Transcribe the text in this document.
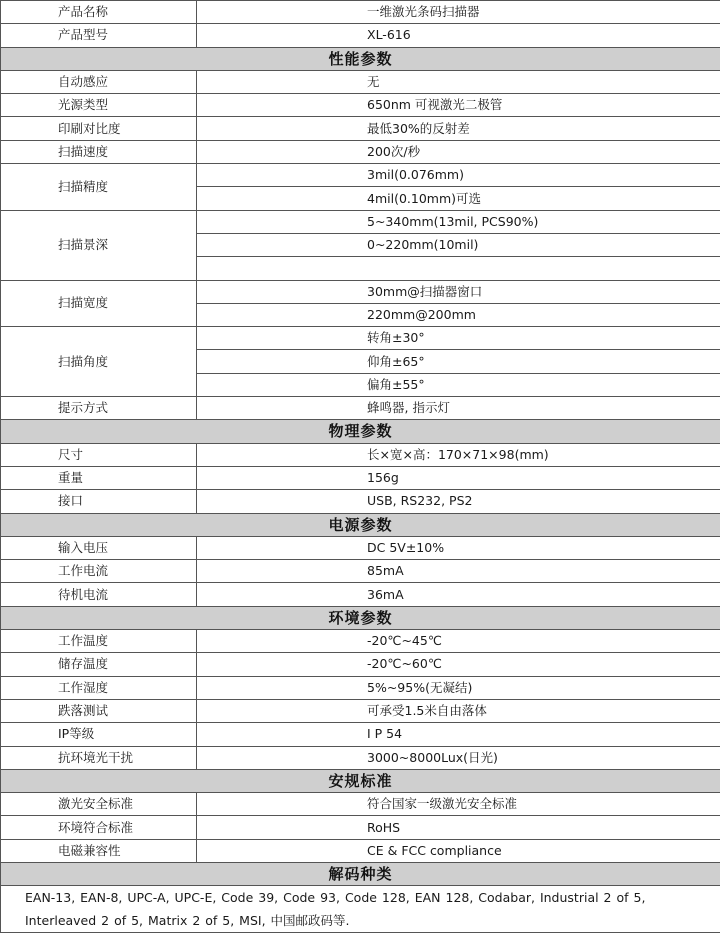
产品名称	一维激光条码扫描器
产品型号	XL-616
性能参数	
自动感应	无
光源类型	650nm 可视激光二极管
印刷对比度	最低30%的反射差
扫描速度	200次/秒
扫描精度	3mil(0.076mm)
	4mil(0.10mm)可选
扫描景深	5~340mm(13mil, PCS90%)
	0~220mm(10mil)

扫描宽度	30mm@扫描器窗口
	220mm@200mm
扫描角度	转角±30°
	仰角±65°
	偏角±55°
提示方式	蜂鸣器, 指示灯
物理参数	
尺寸	长×宽×高：170×71×98(mm)
重量	156g
接口	USB, RS232, PS2
电源参数	
输入电压	DC 5V±10%
工作电流	85mA
待机电流	36mA
环境参数	
工作温度	-20℃~45℃
储存温度	-20℃~60℃
工作湿度	5%~95%(无凝结)
跌落测试	可承受1.5米自由落体
IP等级	I P 54
抗环境光干扰	3000~8000Lux(日光)
安规标准	
激光安全标准	符合国家一级激光安全标准
环境符合标准	RoHS
电磁兼容性	CE & FCC compliance
解码种类	
EAN-13, EAN-8, UPC-A, UPC-E, Code 39, Code 93, Code 128, EAN 128, Codabar, Industrial 2 of 5, Interleaved 2 of 5, Matrix 2 of 5, MSI, 中国邮政码等.	
